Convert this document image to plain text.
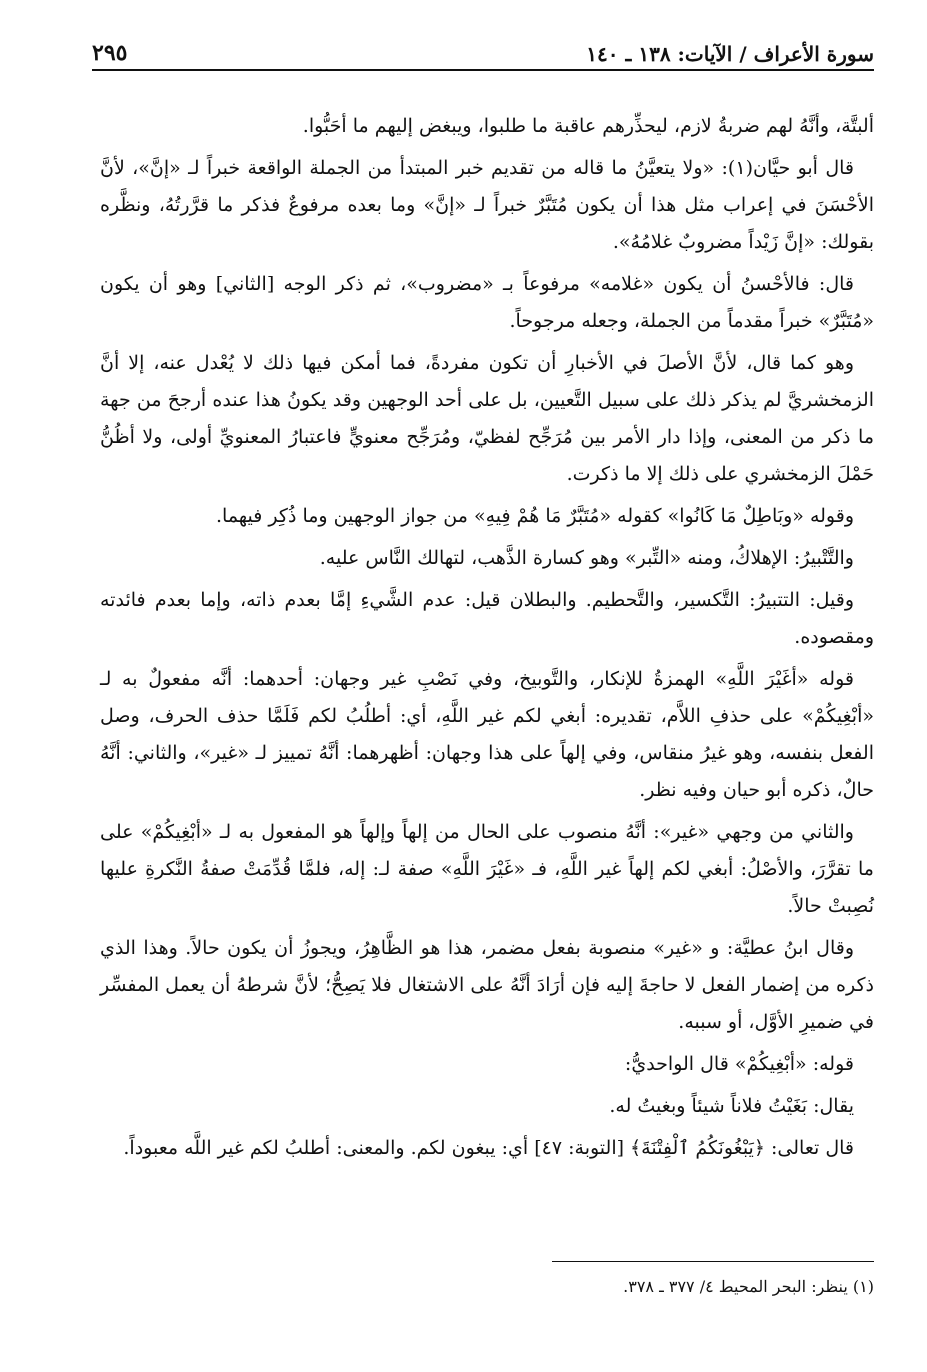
سورة الأعراف / الآيات: ١٣٨ ـ ١٤٠
٢٩٥

ألبتَّة، وأنَّهُ لهم ضربةُ لازم، ليحذِّرهم عاقبة ما طلبوا، ويبغض إليهم ما أحَبُّوا.

قال أبو حيَّان(١): «ولا يتعيَّنُ ما قاله من تقديم خبر المبتدأ من الجملة الواقعة خبراً لـ «إنَّ»، لأنَّ الأحْسَنَ في إعراب مثل هذا أن يكون مُتَبَّرٌ خبراً لـ «إنَّ» وما بعده مرفوعٌ فذكر ما قرَّرتُهُ، ونظَّره بقولك: «إنَّ زَيْداً مضروبٌ غلامُهُ».

قال: فالأحْسنُ أن يكون «غلامه» مرفوعاً بـ «مضروب»، ثم ذكر الوجه [الثاني] وهو أن يكون «مُتَبَّرٌ» خبراً مقدماً من الجملة، وجعله مرجوحاً.

وهو كما قال، لأنَّ الأصلَ في الأخبارِ أن تكون مفردةً، فما أمكن فيها ذلك لا يُعْدل عنه، إلا أنَّ الزمخشريَّ لم يذكر ذلك على سبيل التَّعيين، بل على أحد الوجهين وقد يكونُ هذا عنده أرجحَ من جهة ما ذكر من المعنى، وإذا دار الأمر بين مُرَجِّح لفظيّ، ومُرَجِّح معنويٍّ فاعتبارُ المعنويِّ أولى، ولا أظُنُّ حَمْلَ الزمخشري على ذلك إلا ما ذكرت.

وقوله «وبَاطِلٌ مَا كَانُوا» كقوله «مُتَبَّرٌ مَا هُمْ فِيهِ» من جواز الوجهين وما ذُكِر فيهما.

والتَّتْبيرُ: الإهلاكُ، ومنه «التِّبر» وهو كسارة الذَّهب، لتهالك النَّاس عليه.

وقيل: التتبيرُ: التَّكسير، والتَّحطيم. والبطلان قيل: عدم الشَّيءِ إمَّا بعدم ذاته، وإما بعدم فائدته ومقصوده.

قوله «أغَيْرَ اللَّهِ» الهمزةُ للإنكار، والتَّوبيخ، وفي نَصْبِ غير وجهان: أحدهما: أنَّه مفعولٌ به لـ «أبْغِيكُمْ» على حذفِ اللاَّم، تقديره: أبغي لكم غير اللَّهِ، أي: أطلُبُ لكم فَلَمَّا حذف الحرف، وصل الفعل بنفسه، وهو غيرُ منقاس، وفي إلهاً على هذا وجهان: أظهرهما: أنَّهُ تمييز لـ «غير»، والثاني: أنَّهُ حالٌ، ذكره أبو حيان وفيه نظر.

والثاني من وجهي «غير»: أنَّهُ منصوب على الحال من إلهاً وإلهاً هو المفعول به لـ «أبْغِيكُمْ» على ما تقرَّرَ، والأصْلُ: أبغي لكم إلهاً غير اللَّهِ، فـ «غَيْرَ اللَّهِ» صفة لـ: إله، فلمَّا قُدِّمَتْ صفةُ النَّكرةِ عليها نُصِبتْ حالاً.

وقال ابنُ عطيَّة: و «غير» منصوبة بفعل مضمر، هذا هو الظَّاهِرُ، ويجوزُ أن يكون حالاً. وهذا الذي ذكره من إضمار الفعل لا حاجةَ إليه فإن أرَادَ أنَّهُ على الاشتغال فلا يَصِحُّ؛ لأنَّ شرطهُ أن يعمل المفسِّر في ضميرِ الأوَّل، أو سببه.

قوله: «أبْغِيكُمْ» قال الواحديُّ:

يقال: بَغَيْتُ فلاناً شيئاً وبغيتُ له.

قال تعالى: ﴿يَبْغُونَكُمُ ٱلْفِتْنَةَ﴾ [التوبة: ٤٧] أي: يبغون لكم. والمعنى: أطلبُ لكم غير اللَّه معبوداً.

(١) ينظر: البحر المحيط ٤/ ٣٧٧ ـ ٣٧٨.
